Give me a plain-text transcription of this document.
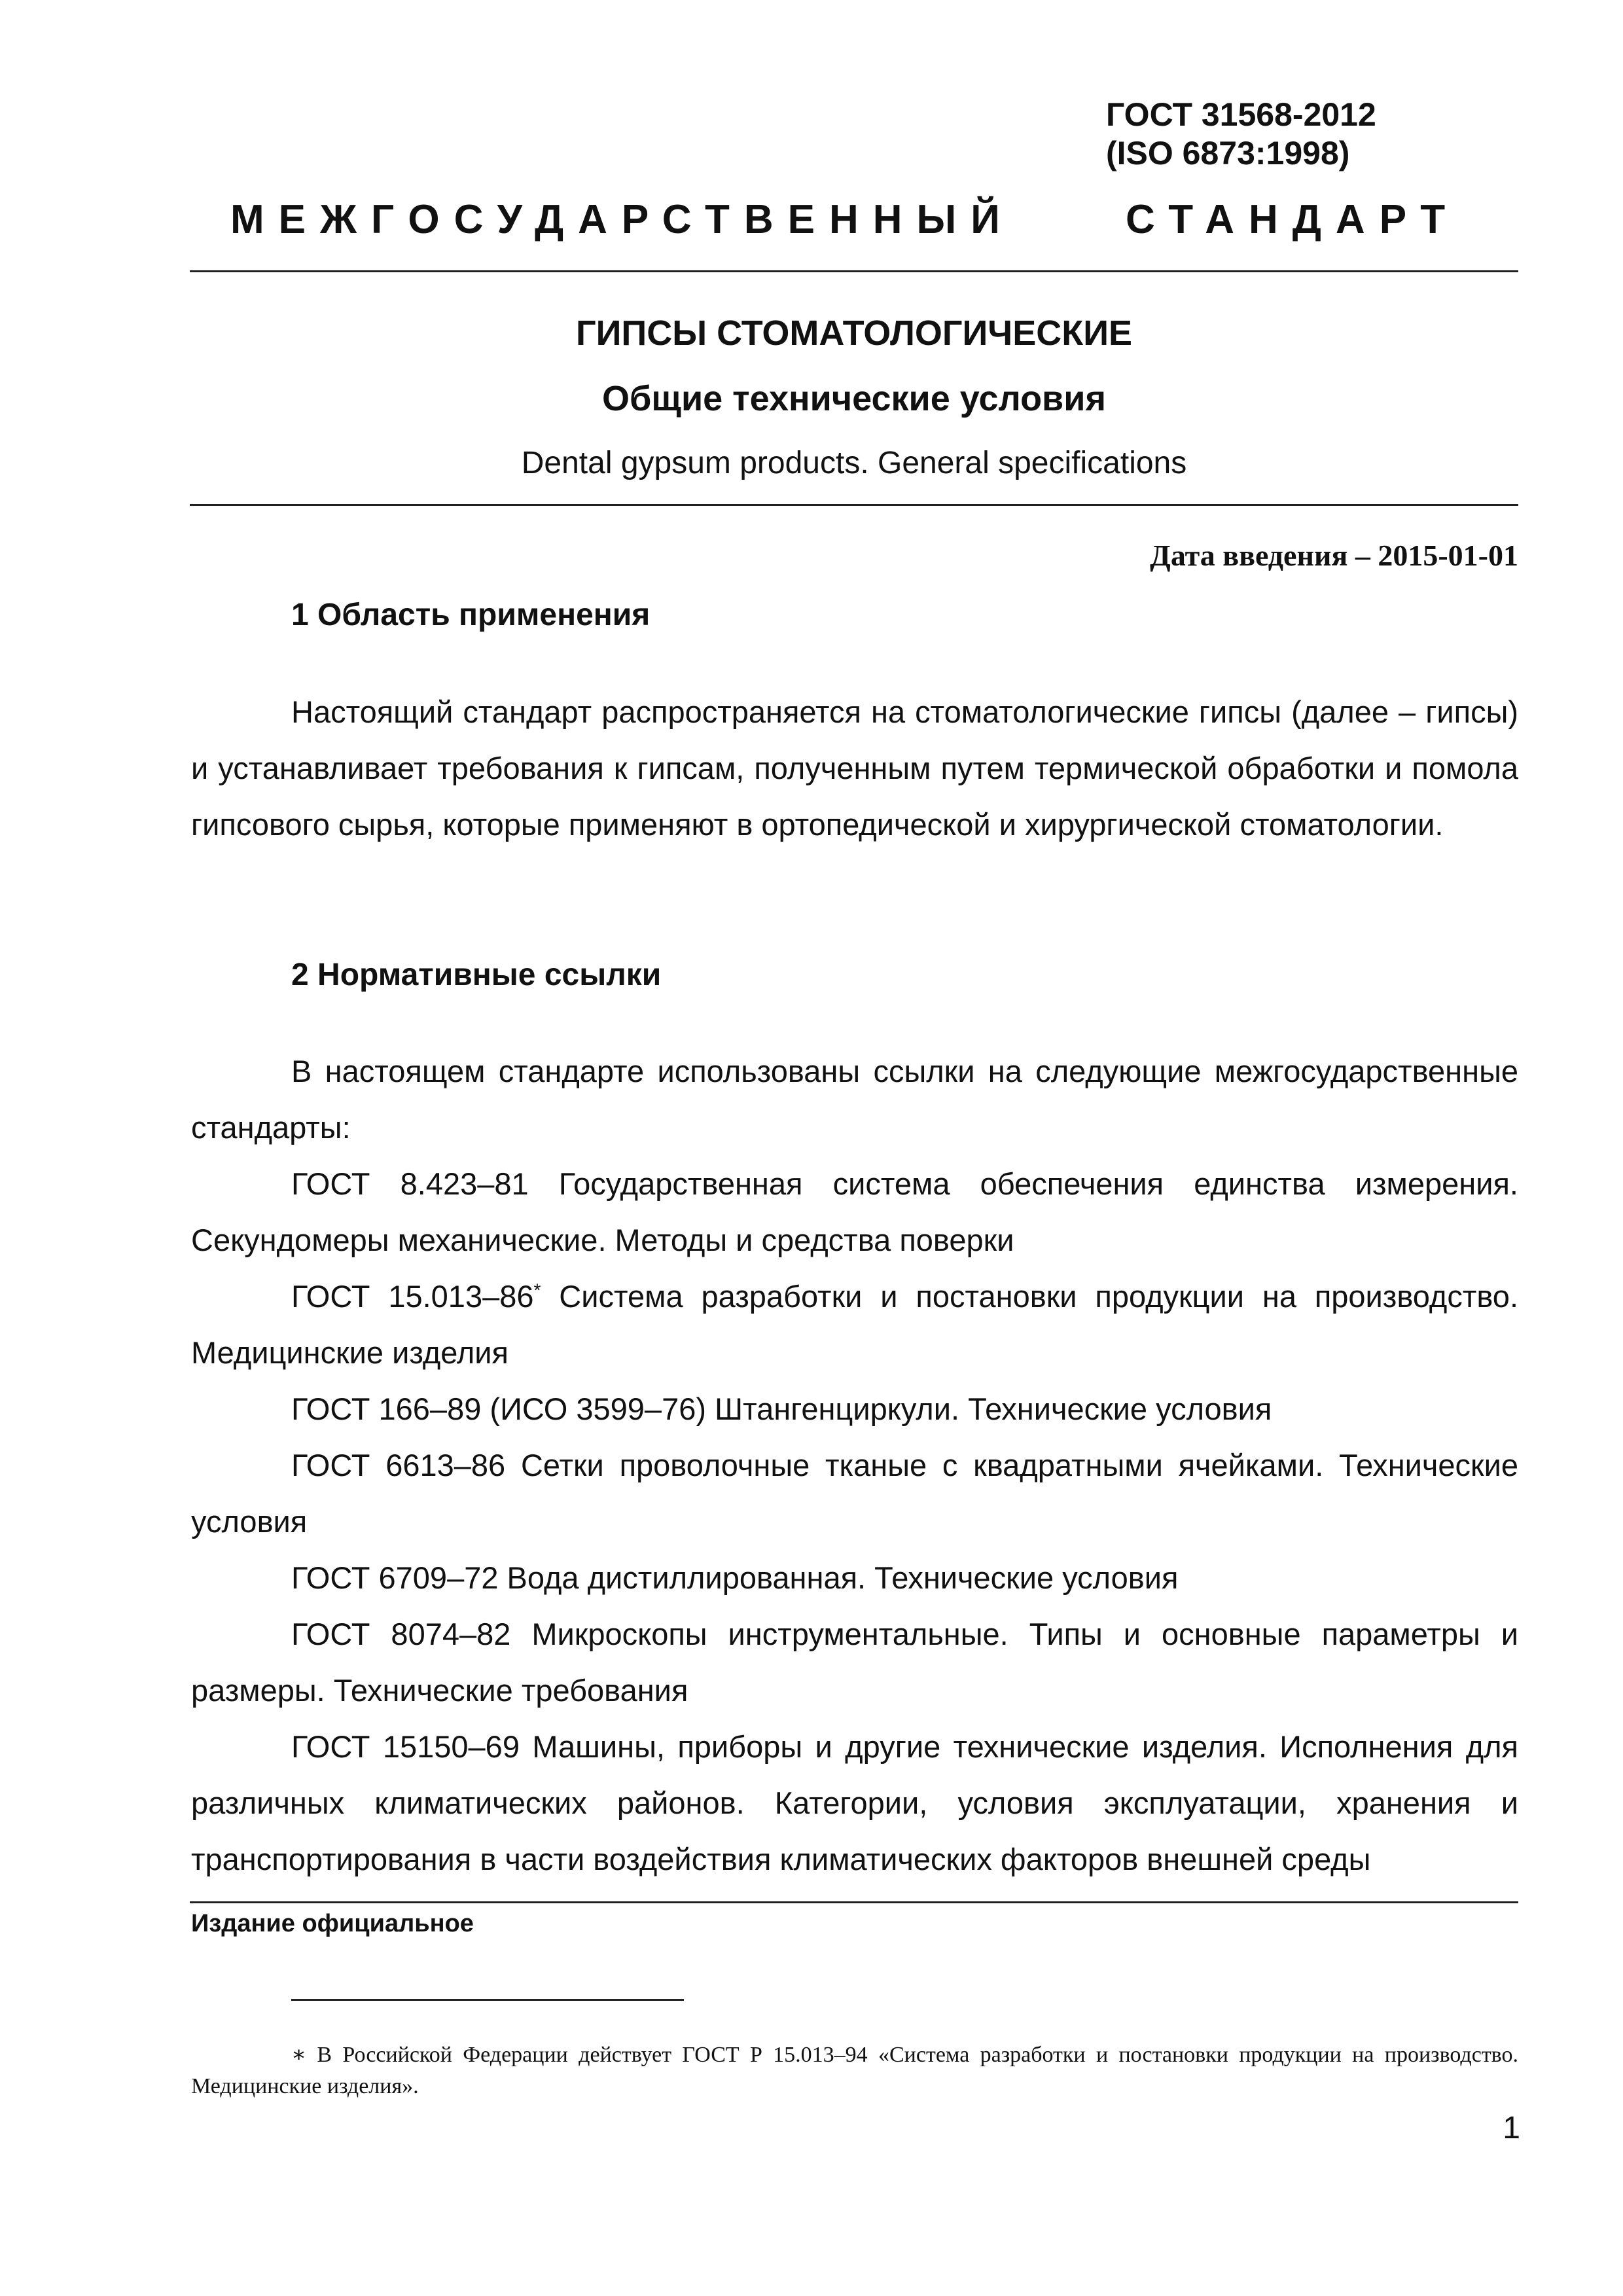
ГОСТ 31568-2012
(ISO 6873:1998)
МЕЖГОСУДАРСТВЕННЫЙ	СТАНДАРТ
ГИПСЫ СТОМАТОЛОГИЧЕСКИЕ
Общие технические условия
Dental gypsum products. General specifications
Дата введения – 2015-01-01
1 Область применения

Настоящий стандарт распространяется на стоматологические гипсы (далее – гипсы) и устанавливает требования к гипсам, полученным путем термической обработки и помола гипсового сырья, которые применяют в ортопедической и хирургической стоматологии.

2 Нормативные ссылки

В настоящем стандарте использованы ссылки на следующие межгосударственные стандарты:

ГОСТ 8.423–81 Государственная система обеспечения единства измерения. Секундомеры механические. Методы и средства поверки

ГОСТ 15.013–86* Система разработки и постановки продукции на производство. Медицинские изделия

ГОСТ 166–89 (ИСО 3599–76) Штангенциркули. Технические условия

ГОСТ 6613–86 Сетки проволочные тканые с квадратными ячейками. Технические условия

ГОСТ 6709–72 Вода дистиллированная. Технические условия

ГОСТ 8074–82 Микроскопы инструментальные. Типы и основные параметры и размеры. Технические требования

ГОСТ 15150–69 Машины, приборы и другие технические изделия. Исполнения для различных климатических районов. Категории, условия эксплуатации, хранения и транспортирования в части воздействия климатических факторов внешней среды

Издание официальное

∗ В Российской Федерации действует ГОСТ Р 15.013–94 «Система разработки и постановки продукции на производство. Медицинские изделия».

1
